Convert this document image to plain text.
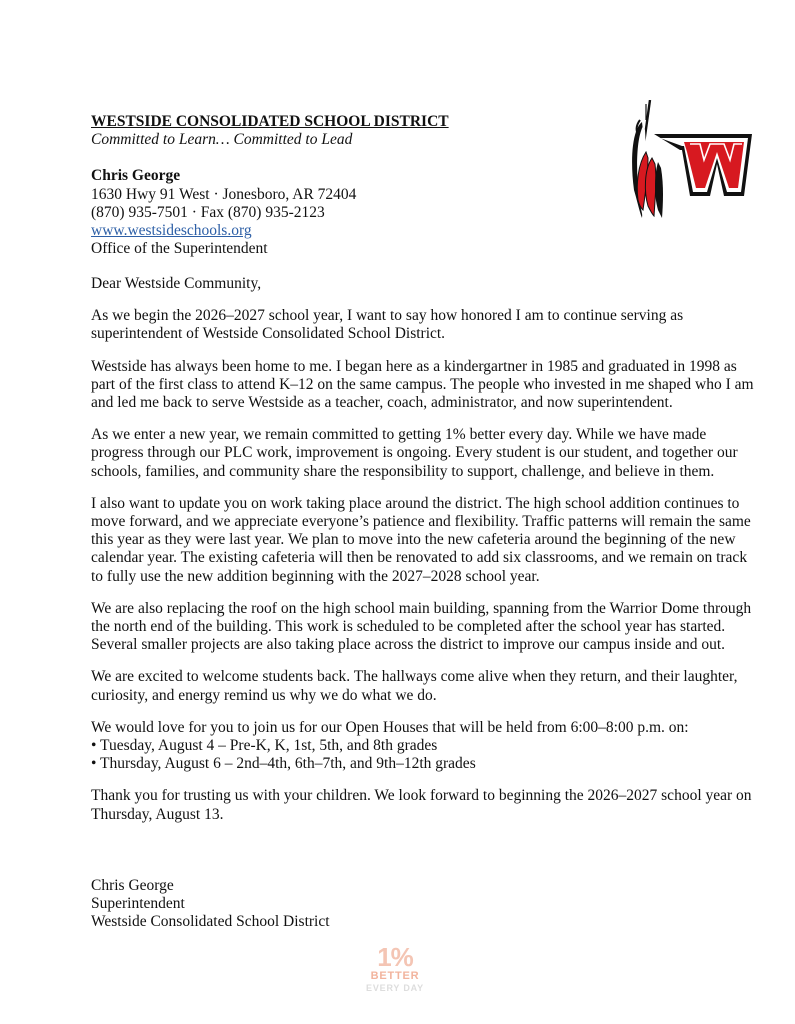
WESTSIDE CONSOLIDATED SCHOOL DISTRICT
Committed to Learn… Committed to Lead
Chris George
1630 Hwy 91 West · Jonesboro, AR 72404
(870) 935-7501 · Fax (870) 935-2123
www.westsideschools.org
Office of the Superintendent

Dear Westside Community,

As we begin the 2026–2027 school year, I want to say how honored I am to continue serving as superintendent of Westside Consolidated School District.

Westside has always been home to me. I began here as a kindergartner in 1985 and graduated in 1998 as part of the first class to attend K–12 on the same campus. The people who invested in me shaped who I am and led me back to serve Westside as a teacher, coach, administrator, and now superintendent.

As we enter a new year, we remain committed to getting 1% better every day. While we have made progress through our PLC work, improvement is ongoing. Every student is our student, and together our schools, families, and community share the responsibility to support, challenge, and believe in them.

I also want to update you on work taking place around the district. The high school addition continues to move forward, and we appreciate everyone’s patience and flexibility. Traffic patterns will remain the same this year as they were last year. We plan to move into the new cafeteria around the beginning of the new calendar year. The existing cafeteria will then be renovated to add six classrooms, and we remain on track to fully use the new addition beginning with the 2027–2028 school year.

We are also replacing the roof on the high school main building, spanning from the Warrior Dome through the north end of the building. This work is scheduled to be completed after the school year has started. Several smaller projects are also taking place across the district to improve our campus inside and out.

We are excited to welcome students back. The hallways come alive when they return, and their laughter, curiosity, and energy remind us why we do what we do.

We would love for you to join us for our Open Houses that will be held from 6:00–8:00 p.m. on:
• Tuesday, August 4 – Pre-K, K, 1st, 5th, and 8th grades
• Thursday, August 6 – 2nd–4th, 6th–7th, and 9th–12th grades

Thank you for trusting us with your children. We look forward to beginning the 2026–2027 school year on Thursday, August 13.

Chris George
Superintendent
Westside Consolidated School District
1%
BETTER
EVERY DAY
